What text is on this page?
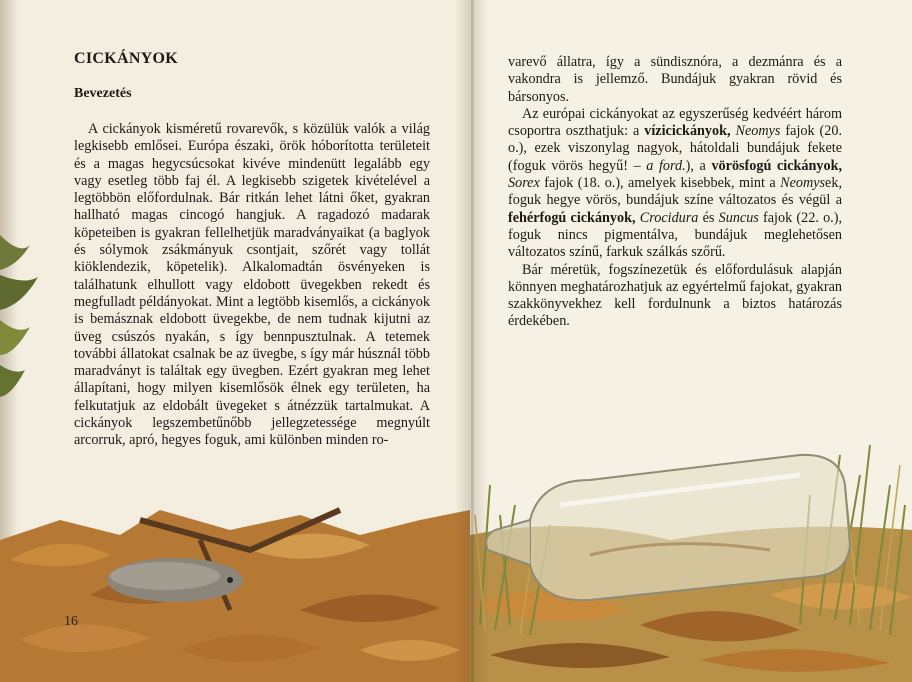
CICKÁNYOK
Bevezetés

A cickányok kisméretű rovarevők, s közülük valók a világ legkisebb emlősei. Európa északi, örök hóborította területeit és a magas hegycsúcsokat kivéve mindenütt legalább egy vagy esetleg több faj él. A legkisebb szigetek kivételével a legtöbbön előfordulnak. Bár ritkán lehet látni őket, gyakran hallható magas cincogó hangjuk. A ragadozó madarak köpeteiben is gyakran fellelhetjük maradványaikat (a baglyok és sólymok zsákmányuk csontjait, szőrét vagy tollát kiöklendezik, köpetelik). Alkalomadtán ösvényeken is találhatunk elhullott vagy eldobott üvegekben rekedt és megfulladt példányokat. Mint a legtöbb kisemlős, a cickányok is bemásznak eldobott üvegekbe, de nem tudnak kijutni az üveg csúszós nyakán, s így bennpusztulnak. A tetemek további állatokat csalnak be az üvegbe, s így már húsznál több maradványt is találtak egy üvegben. Ezért gyakran meg lehet állapítani, hogy milyen kisemlősök élnek egy területen, ha felkutatjuk az eldobált üvegeket s átnézzük tartalmukat. A cickányok legszembetűnőbb jellegzetessége megnyúlt arcorruk, apró, hegyes foguk, ami különben minden ro-

16

varevő állatra, így a sündisznóra, a dezmánra és a vakondra is jellemző. Bundájuk gyakran rövid és bársonyos.

Az európai cickányokat az egyszerűség kedvéért három csoportra oszthatjuk: a vízicickányok, Neomys fajok (20. o.), ezek viszonylag nagyok, hátoldali bundájuk fekete (foguk vörös hegyű! – a ford.), a vörösfogú cickányok, Sorex fajok (18. o.), amelyek kisebbek, mint a Neomysek, foguk hegye vörös, bundájuk színe változatos és végül a fehérfogú cickányok, Crocidura és Suncus fajok (22. o.), foguk nincs pigmentálva, bundájuk meglehetősen változatos színű, farkuk szálkás szőrű.

Bár méretük, fogszínezetük és előfordulásuk alapján könnyen meghatározhatjuk az egyértelmű fajokat, gyakran szakkönyvekhez kell fordulnunk a biztos határozás érdekében.
